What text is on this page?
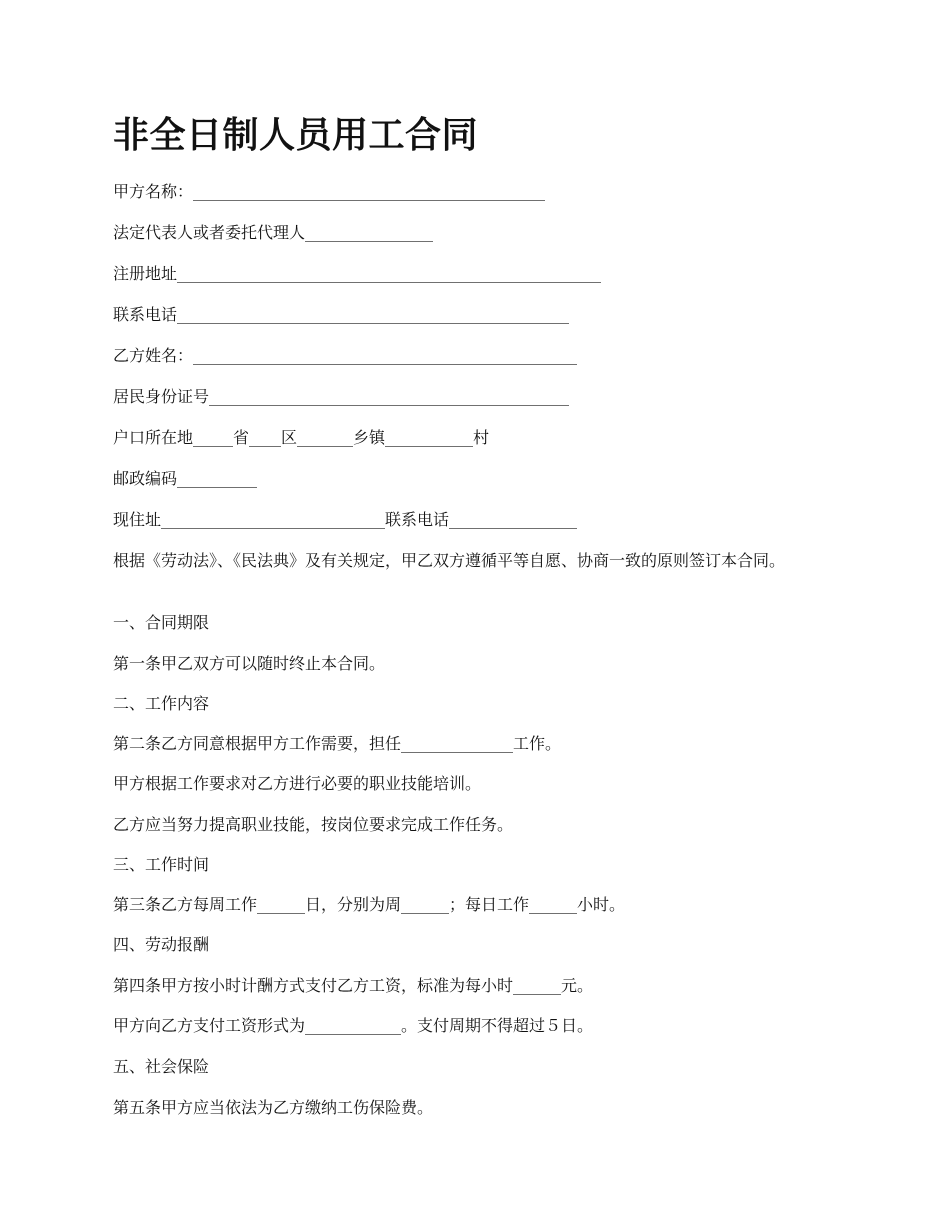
非全日制人员用工合同

甲方名称：____________________________________________

法定代表人或者委托代理人________________

注册地址_____________________________________________________

联系电话_________________________________________________

乙方姓名：________________________________________________

居民身份证号_____________________________________________

户口所在地_____省____区_______乡镇___________村

邮政编码__________

现住址____________________________联系电话________________

根据《劳动法》、《民法典》及有关规定，甲乙双方遵循平等自愿、协商一致的原则签订本合同。

一、合同期限

第一条甲乙双方可以随时终止本合同。

二、工作内容

第二条乙方同意根据甲方工作需要，担任______________工作。

甲方根据工作要求对乙方进行必要的职业技能培训。

乙方应当努力提高职业技能，按岗位要求完成工作任务。

三、工作时间

第三条乙方每周工作______日，分别为周______；每日工作______小时。

四、劳动报酬

第四条甲方按小时计酬方式支付乙方工资，标准为每小时______元。

甲方向乙方支付工资形式为____________。支付周期不得超过５日。

五、社会保险

第五条甲方应当依法为乙方缴纳工伤保险费。
